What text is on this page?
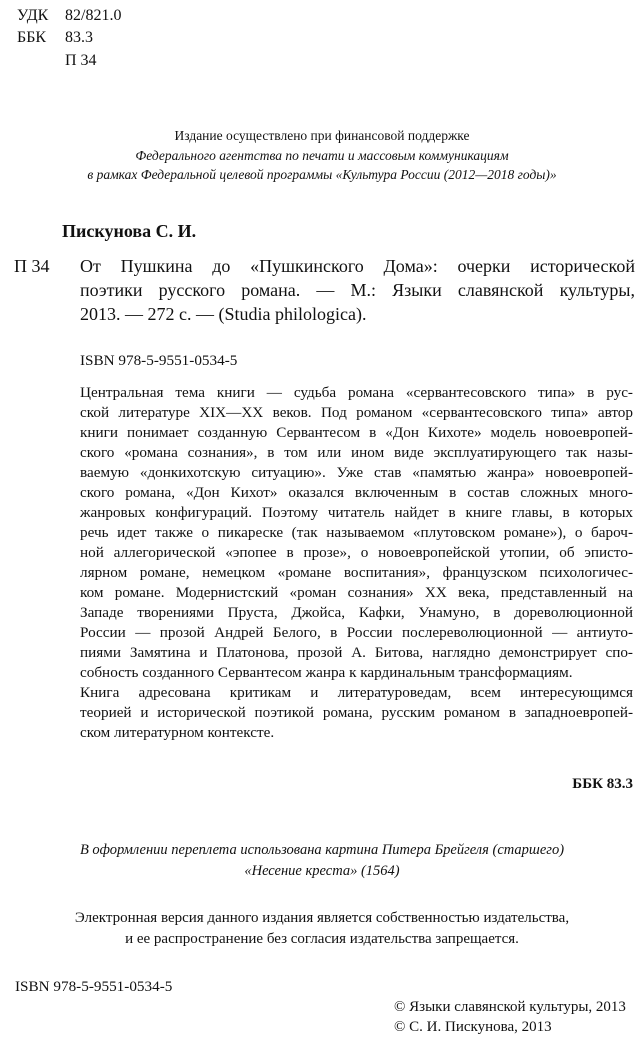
УДК 82/821.0
ББК 83.3
П 34
Издание осуществлено при финансовой поддержке
Федерального агентства по печати и массовым коммуникациям
в рамках Федеральной целевой программы «Культура России (2012—2018 годы)»
Пискунова С. И.
П 34 От Пушкина до «Пушкинского Дома»: очерки исторической
поэтики русского романа. — М.: Языки славянской культуры,
2013. — 272 с. — (Studia philologica).
ISBN 978-5-9551-0534-5
Центральная тема книги — судьба романа «сервантесовского типа» в рус-
ской литературе XIX—XX веков. Под романом «сервантесовского типа» автор
книги понимает созданную Сервантесом в «Дон Кихоте» модель новоевропей-
ского «романа сознания», в том или ином виде эксплуатирующего так назы-
ваемую «донкихотскую ситуацию». Уже став «памятью жанра» новоевропей-
ского романа, «Дон Кихот» оказался включенным в состав сложных много-
жанровых конфигураций. Поэтому читатель найдет в книге главы, в которых
речь идет также о пикареске (так называемом «плутовском романе»), о бароч-
ной аллегорической «эпопее в прозе», о новоевропейской утопии, об эписто-
лярном романе, немецком «романе воспитания», французском психологичес-
ком романе. Модернистский «роман сознания» XX века, представленный на
Западе творениями Пруста, Джойса, Кафки, Унамуно, в дореволюционной
России — прозой Андрей Белого, в России послереволюционной — антиуто-
пиями Замятина и Платонова, прозой А. Битова, наглядно демонстрирует спо-
собность созданного Сервантесом жанра к кардинальным трансформациям.
Книга адресована критикам и литературоведам, всем интересующимся
теорией и исторической поэтикой романа, русским романом в западноевропей-
ском литературном контексте.
ББК 83.3
В оформлении переплета использована картина Питера Брейгеля (старшего)
«Несение креста» (1564)
Электронная версия данного издания является собственностью издательства,
и ее распространение без согласия издательства запрещается.
ISBN 978-5-9551-0534-5
© Языки славянской культуры, 2013
© С. И. Пискунова, 2013
